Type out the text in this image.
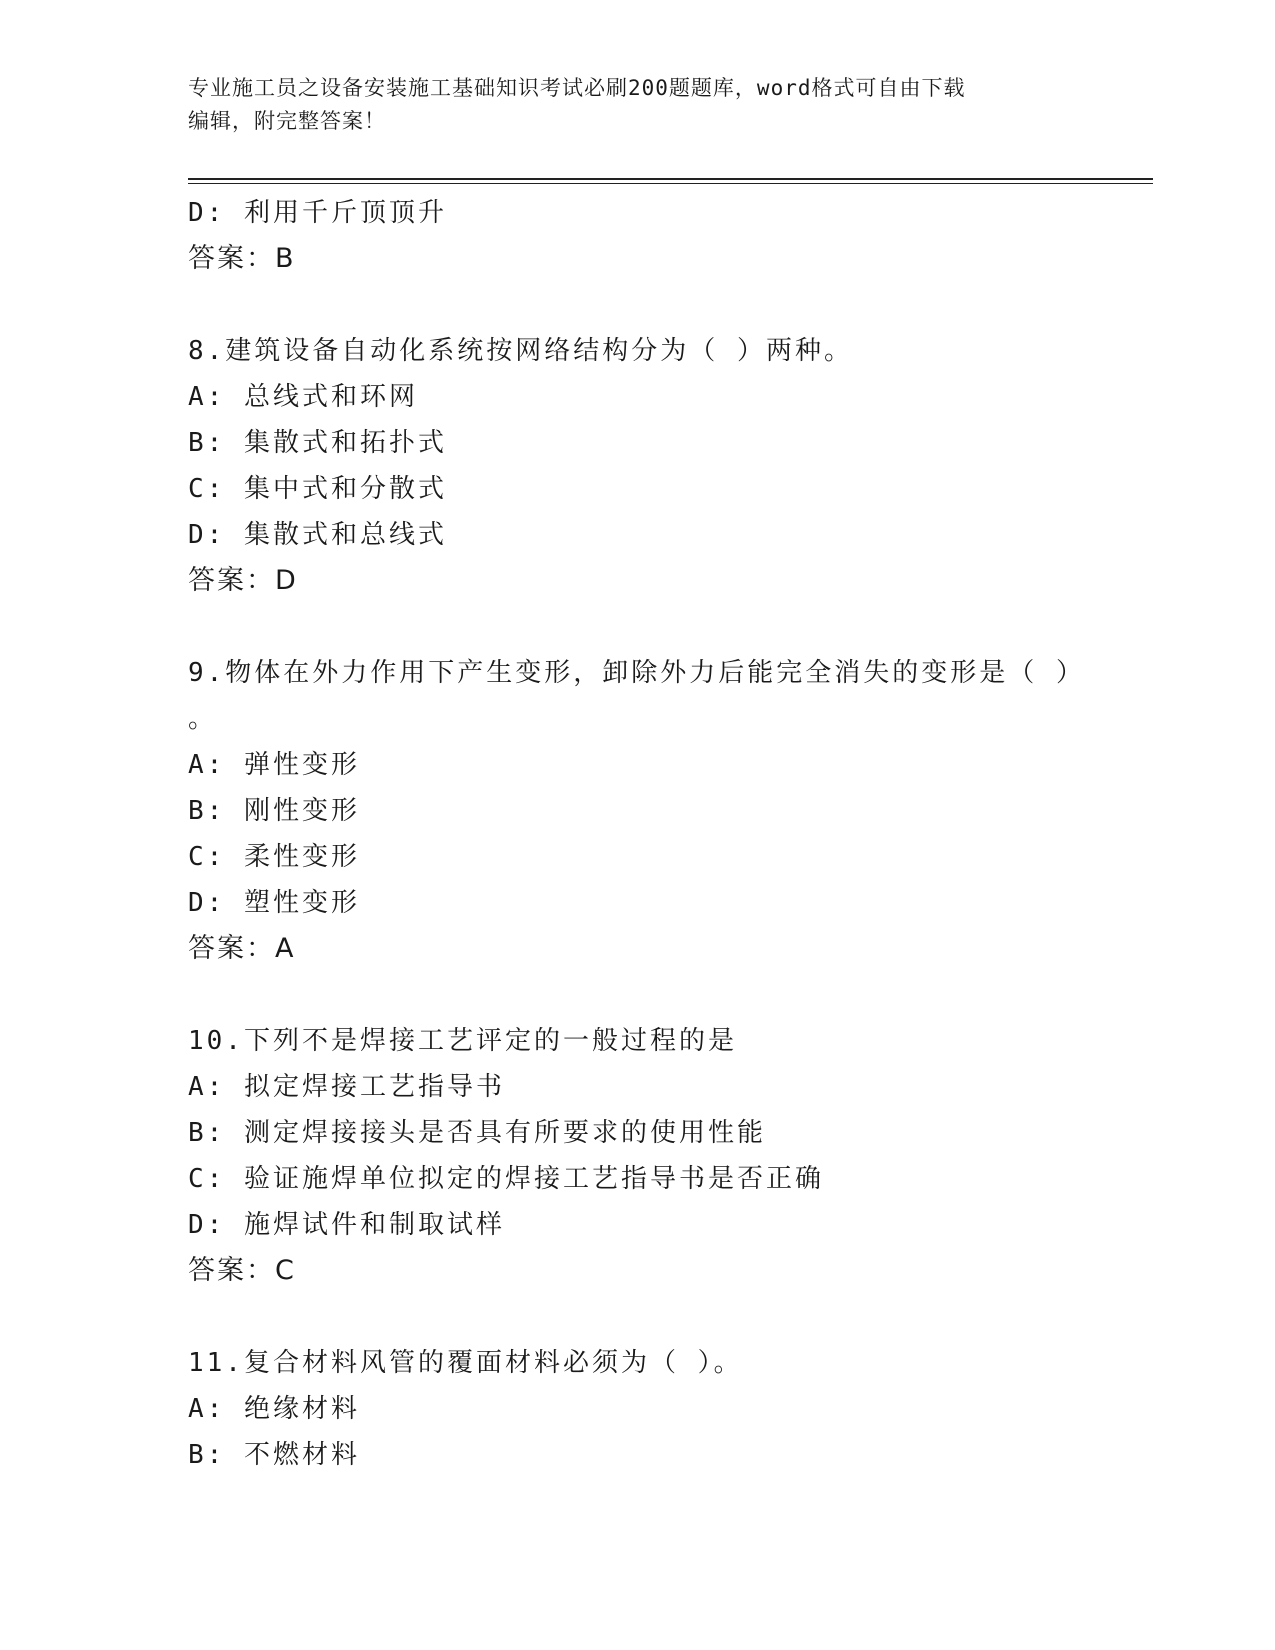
专业施工员之设备安装施工基础知识考试必刷200题题库，word格式可自由下载
编辑，附完整答案！
D: 利用千斤顶顶升
答案：B
8.建筑设备自动化系统按网络结构分为（ ）两种。
A: 总线式和环网
B: 集散式和拓扑式
C: 集中式和分散式
D: 集散式和总线式
答案：D
9.物体在外力作用下产生变形，卸除外力后能完全消失的变形是（ ）
。
A: 弹性变形
B: 刚性变形
C: 柔性变形
D: 塑性变形
答案：A
10.下列不是焊接工艺评定的一般过程的是
A: 拟定焊接工艺指导书
B: 测定焊接接头是否具有所要求的使用性能
C: 验证施焊单位拟定的焊接工艺指导书是否正确
D: 施焊试件和制取试样
答案：C
11.复合材料风管的覆面材料必须为（ ）。
A: 绝缘材料
B: 不燃材料
